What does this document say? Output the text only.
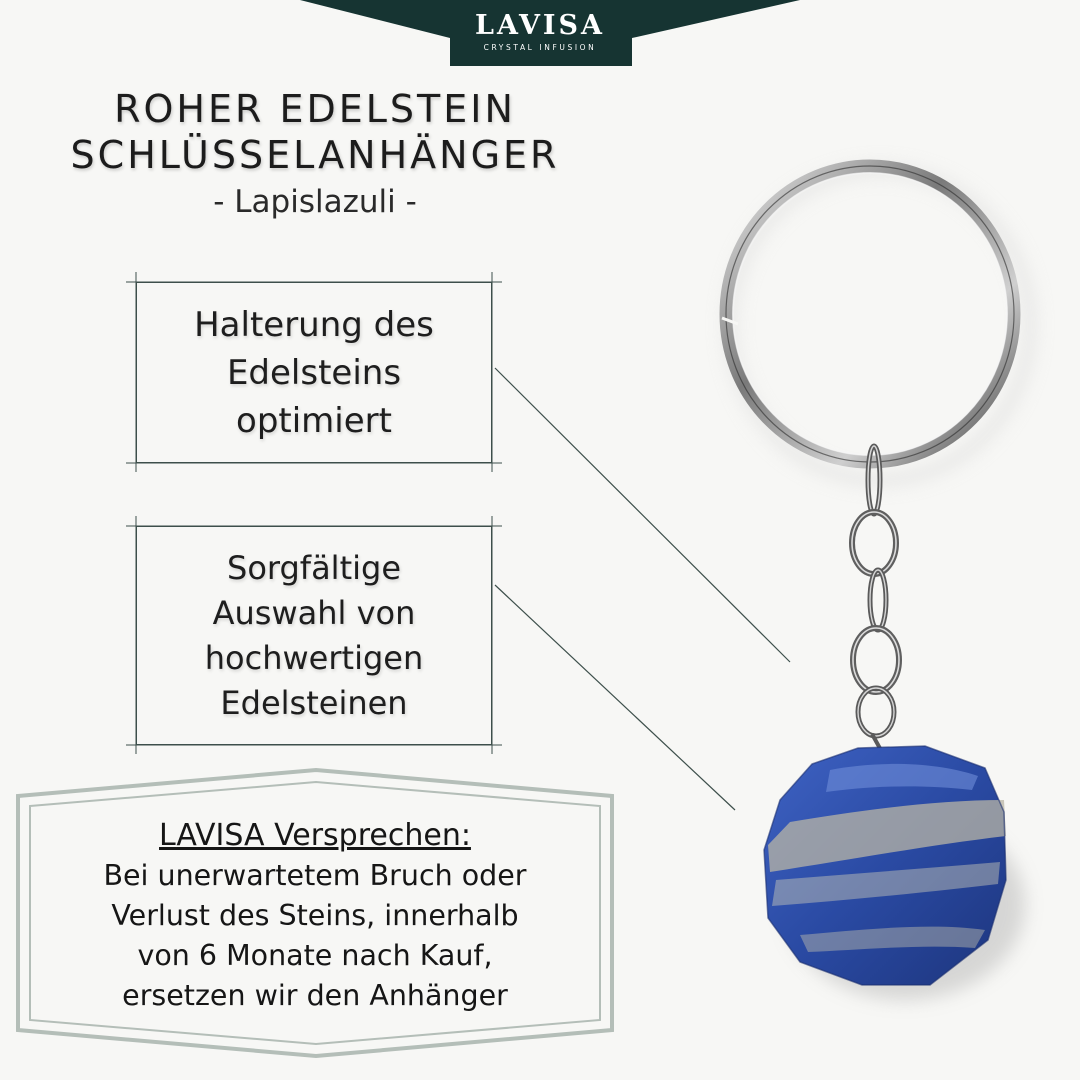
LAVISA
CRYSTAL INFUSION
ROHER EDELSTEIN
SCHLÜSSELANHÄNGER
- Lapislazuli -
Halterung des
Edelsteins
optimiert
Sorgfältige
Auswahl von
hochwertigen
Edelsteinen
LAVISA Versprechen:
Bei unerwartetem Bruch oder
Verlust des Steins, innerhalb
von 6 Monate nach Kauf,
ersetzen wir den Anhänger
